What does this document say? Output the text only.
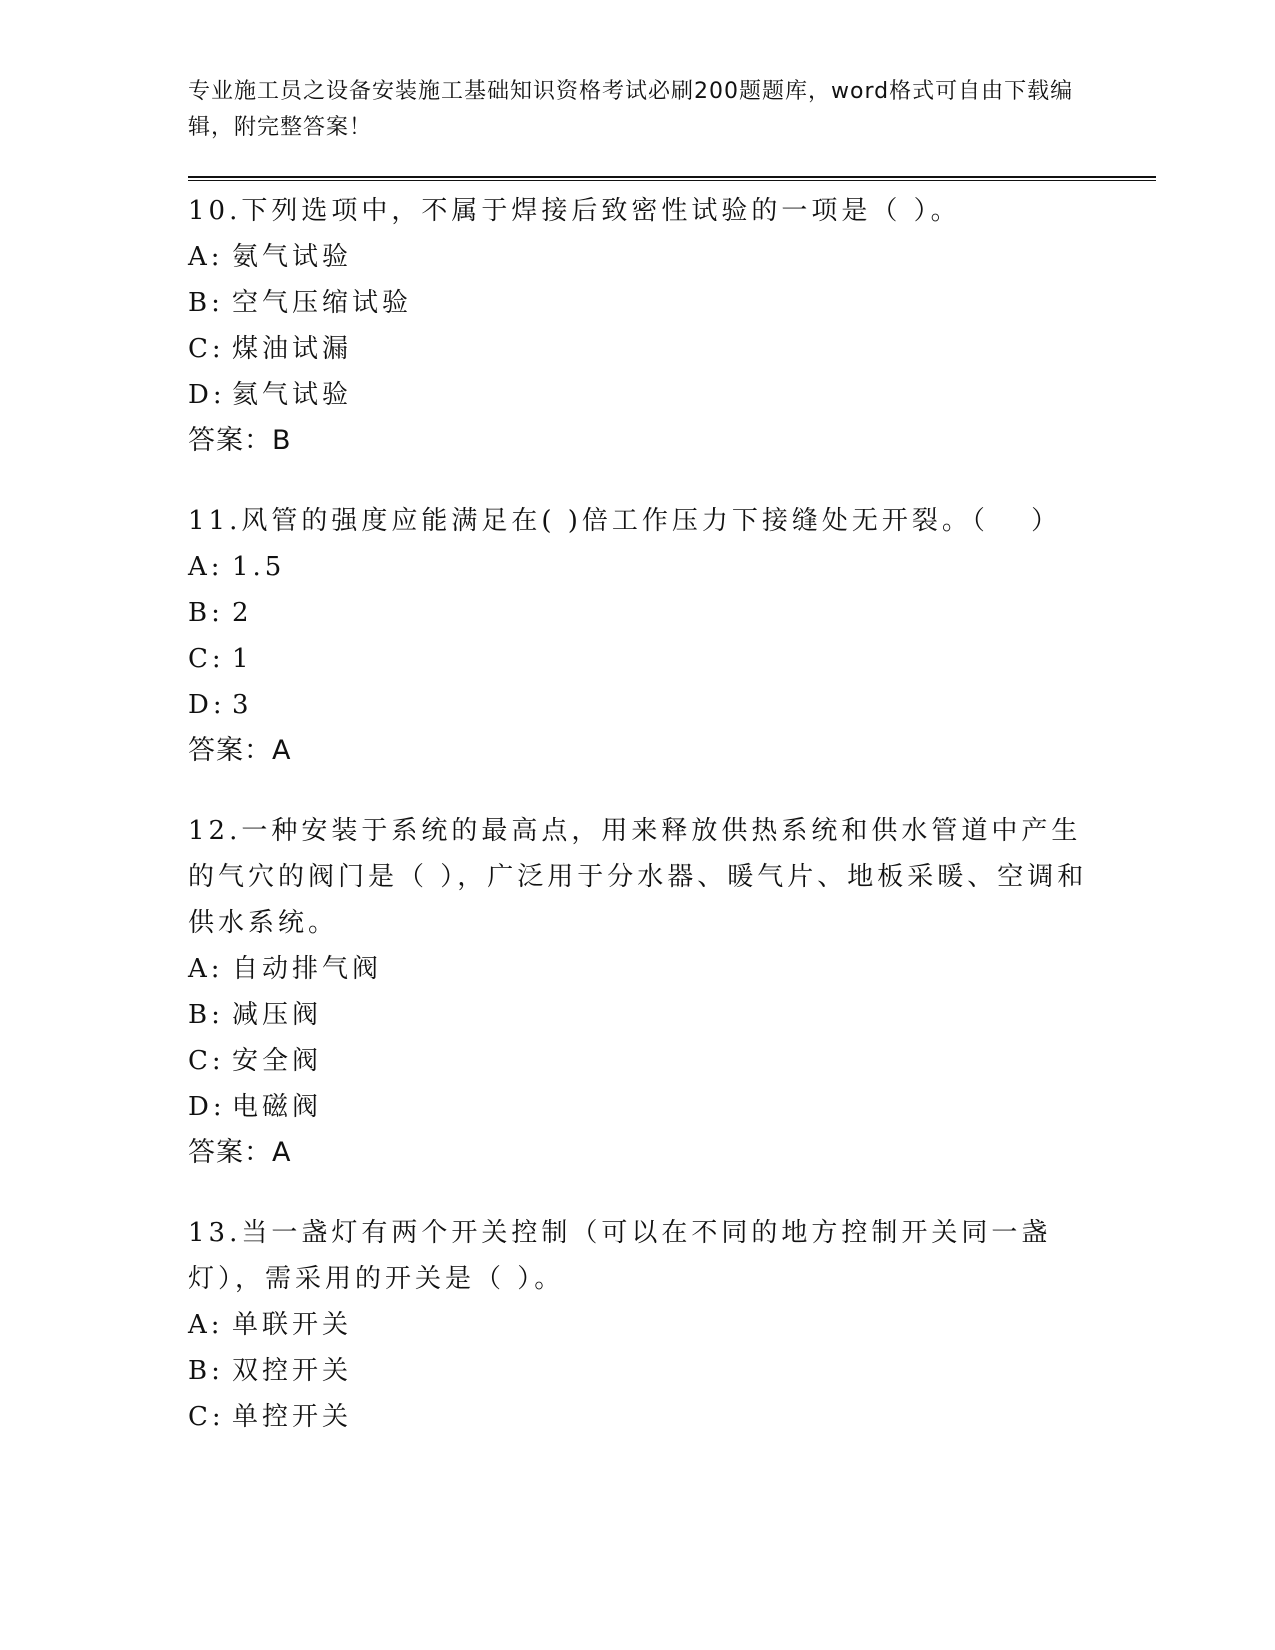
专业施工员之设备安装施工基础知识资格考试必刷200题题库，word格式可自由下载编辑，附完整答案！
10.下列选项中，不属于焊接后致密性试验的一项是（ ）。
A: 氨气试验
B: 空气压缩试验
C: 煤油试漏
D: 氦气试验
答案：B
11.风管的强度应能满足在( )倍工作压力下接缝处无开裂。（　 ）
A: 1.5
B: 2
C: 1
D: 3
答案：A
12.一种安装于系统的最高点，用来释放供热系统和供水管道中产生的气穴的阀门是（ ），广泛用于分水器、暖气片、地板采暖、空调和供水系统。
A: 自动排气阀
B: 减压阀
C: 安全阀
D: 电磁阀
答案：A
13.当一盏灯有两个开关控制（可以在不同的地方控制开关同一盏灯），需采用的开关是（ ）。
A: 单联开关
B: 双控开关
C: 单控开关
